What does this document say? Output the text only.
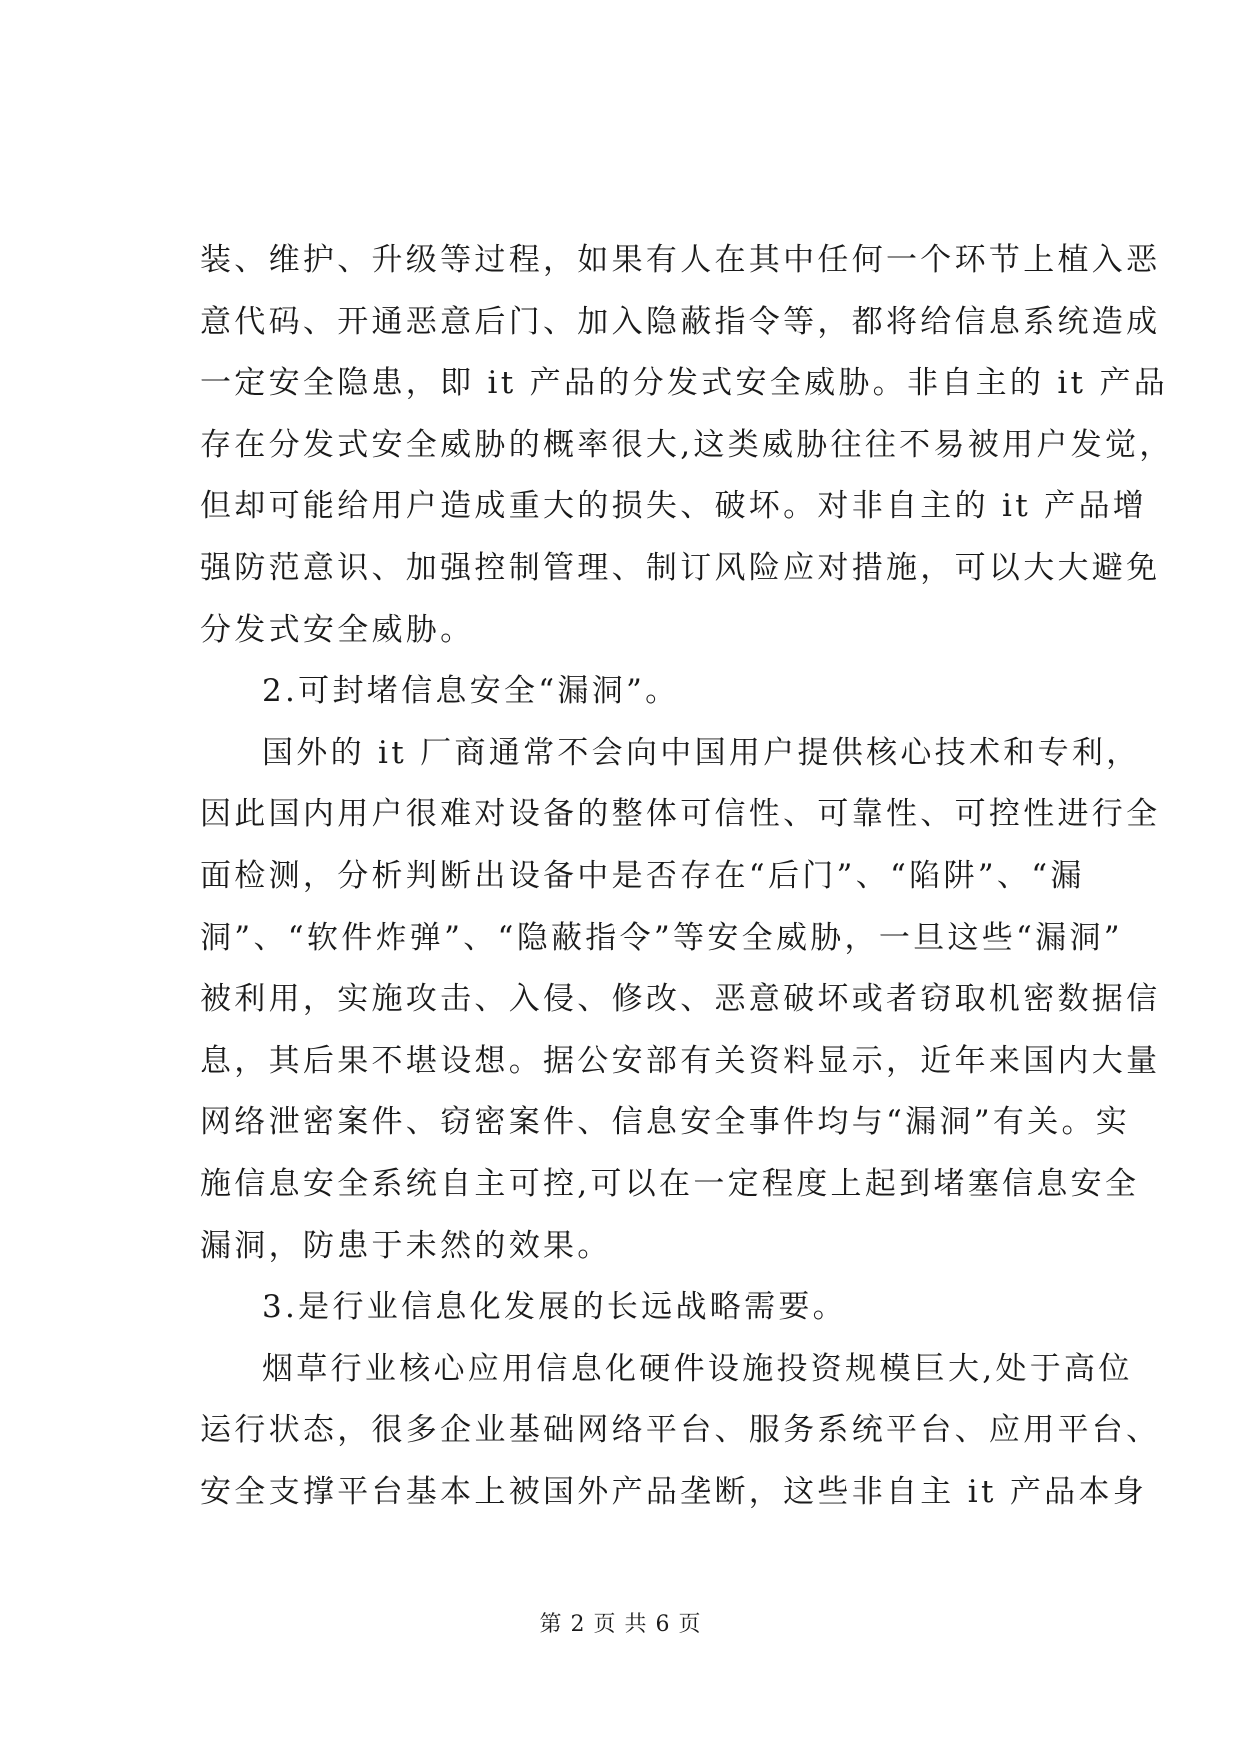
装、维护、升级等过程，如果有人在其中任何一个环节上植入恶
意代码、开通恶意后门、加入隐蔽指令等，都将给信息系统造成
一定安全隐患，即 it 产品的分发式安全威胁。非自主的 it 产品
存在分发式安全威胁的概率很大,这类威胁往往不易被用户发觉，
但却可能给用户造成重大的损失、破坏。对非自主的 it 产品增
强防范意识、加强控制管理、制订风险应对措施，可以大大避免
分发式安全威胁。
2.可封堵信息安全“漏洞”。
国外的 it 厂商通常不会向中国用户提供核心技术和专利，
因此国内用户很难对设备的整体可信性、可靠性、可控性进行全
面检测，分析判断出设备中是否存在“后门”、“陷阱”、“漏
洞”、“软件炸弹”、“隐蔽指令”等安全威胁，一旦这些“漏洞”
被利用，实施攻击、入侵、修改、恶意破坏或者窃取机密数据信
息，其后果不堪设想。据公安部有关资料显示，近年来国内大量
网络泄密案件、窃密案件、信息安全事件均与“漏洞”有关。实
施信息安全系统自主可控,可以在一定程度上起到堵塞信息安全
漏洞，防患于未然的效果。
3.是行业信息化发展的长远战略需要。
烟草行业核心应用信息化硬件设施投资规模巨大,处于高位
运行状态，很多企业基础网络平台、服务系统平台、应用平台、
安全支撑平台基本上被国外产品垄断，这些非自主 it 产品本身
第 2 页 共 6 页
